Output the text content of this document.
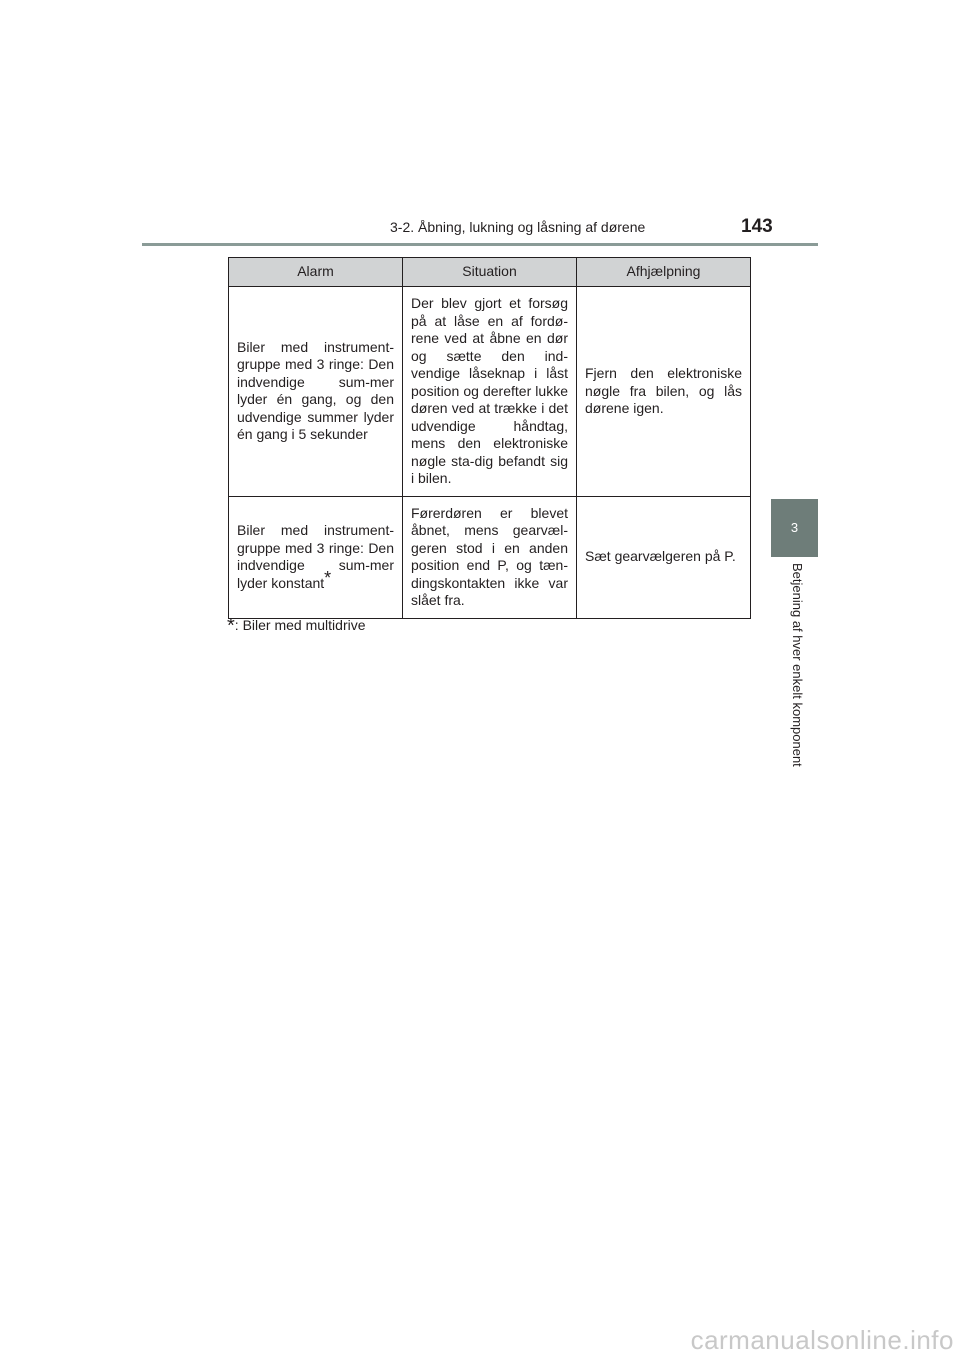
3-2. Åbning, lukning og låsning af dørene	143
3
Betjening af hver enkelt komponent
Alarm	Situation	Afhjælpning
Biler med instrument-gruppe med 3 ringe: Den indvendige sum-mer lyder én gang, og den udvendige summer lyder én gang i 5 sekunder	Der blev gjort et forsøg på at låse en af fordø-rene ved at åbne en dør og sætte den ind-vendige låseknap i låst position og derefter lukke døren ved at trække i det udvendige håndtag, mens den elektroniske nøgle sta-dig befandt sig i bilen.	Fjern den elektroniske nøgle fra bilen, og lås dørene igen.
Biler med instrument-gruppe med 3 ringe: Den indvendige sum-mer lyder konstant*	Førerdøren er blevet åbnet, mens gearvæl-geren stod i en anden position end P, og tæn-dingskontakten ikke var slået fra.	Sæt gearvælgeren på P.
*: Biler med multidrive
carmanualsonline.info
